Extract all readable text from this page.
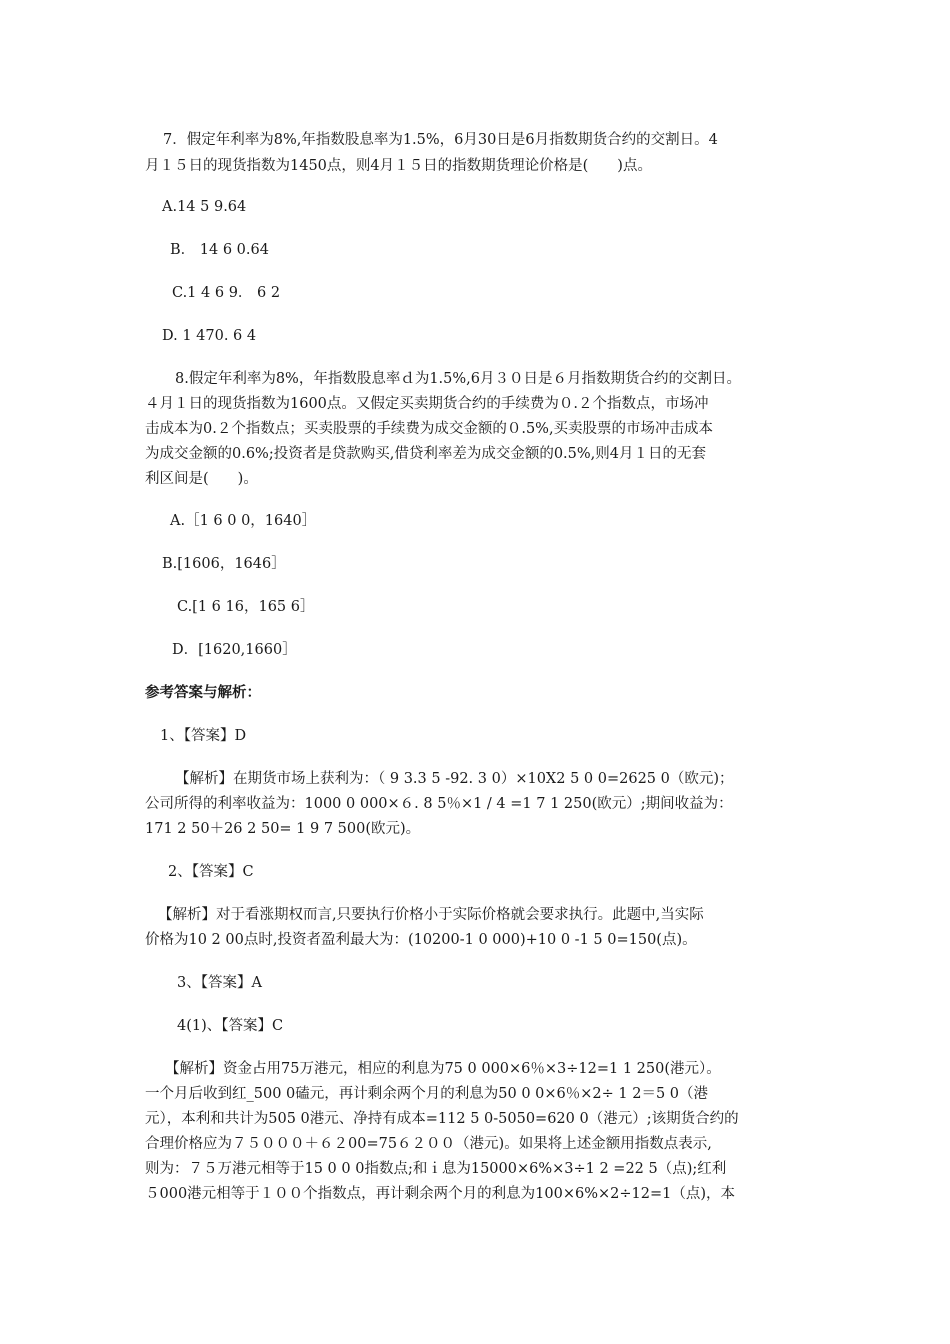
7．假定年利率为8%,年指数股息率为1.5%，6月30日是6月指数期货合约的交割日。4
月１５日的现货指数为1450点，则4月１５日的指数期货理论价格是(　　)点。
A.14 5 9.64
B． 14 6 0.64
C.1 4 6 9． 6 2
D. 1 470. 6 4
8.假定年利率为8%，年指数股息率ｄ为1.5%,6月３０日是６月指数期货合约的交割日。
４月１日的现货指数为1600点。又假定买卖期货合约的手续费为０.２个指数点，市场冲
击成本为0.２个指数点；买卖股票的手续费为成交金额的０.5%,买卖股票的市场冲击成本
为成交金额的0.6%;投资者是贷款购买,借贷利率差为成交金额的0.5%,则4月１日的无套
利区间是(　　)。
A.［1 6 0 0，1640］
B.[1606，1646］
C.[1 6 16，165 6］
D．[1620,1660］
参考答案与解析：
1、【答案】D
【解析】在期货市场上获利为：（ 9 3.3 5 -92. 3 0）×10X2 5 0 0=2625 0（欧元)；
公司所得的利率收益为：1000 0 000×６. 8 5％×1 / 4 =1 7 1 250(欧元）;期间收益为：
171 2 50＋26 2 50= 1 9 7 500(欧元)。
2、【答案】C
【解析】对于看涨期权而言,只要执行价格小于实际价格就会要求执行。此题中,当实际
价格为10 2 00点时,投资者盈利最大为：(10200-1 0 000)+10 0 -1 5 0=150(点)。
3、【答案】A
4(1)、【答案】C
【解析】资金占用75万港元，相应的利息为75 0 000×6％×3÷12=1 1 250(港元）。
一个月后收到红_500 0磕元，再计剩余两个月的利息为50 0 0×6％×2÷ 1 2＝5 0（港
元），本利和共计为505 0港元、净持有成本=112 5 0-5050=620 0（港元）;该期货合约的
合理价格应为７５０００＋６２00=75６２００（港元)。如果将上述金额用指数点表示,
则为：７５万港元相等于15 0 0 0指数点;和ｉ息为15000×6%×3÷1 2 =22 5（点);红利
５000港元相等于１００个指数点，再计剩余两个月的利息为100×6%×2÷12=1（点)，本
